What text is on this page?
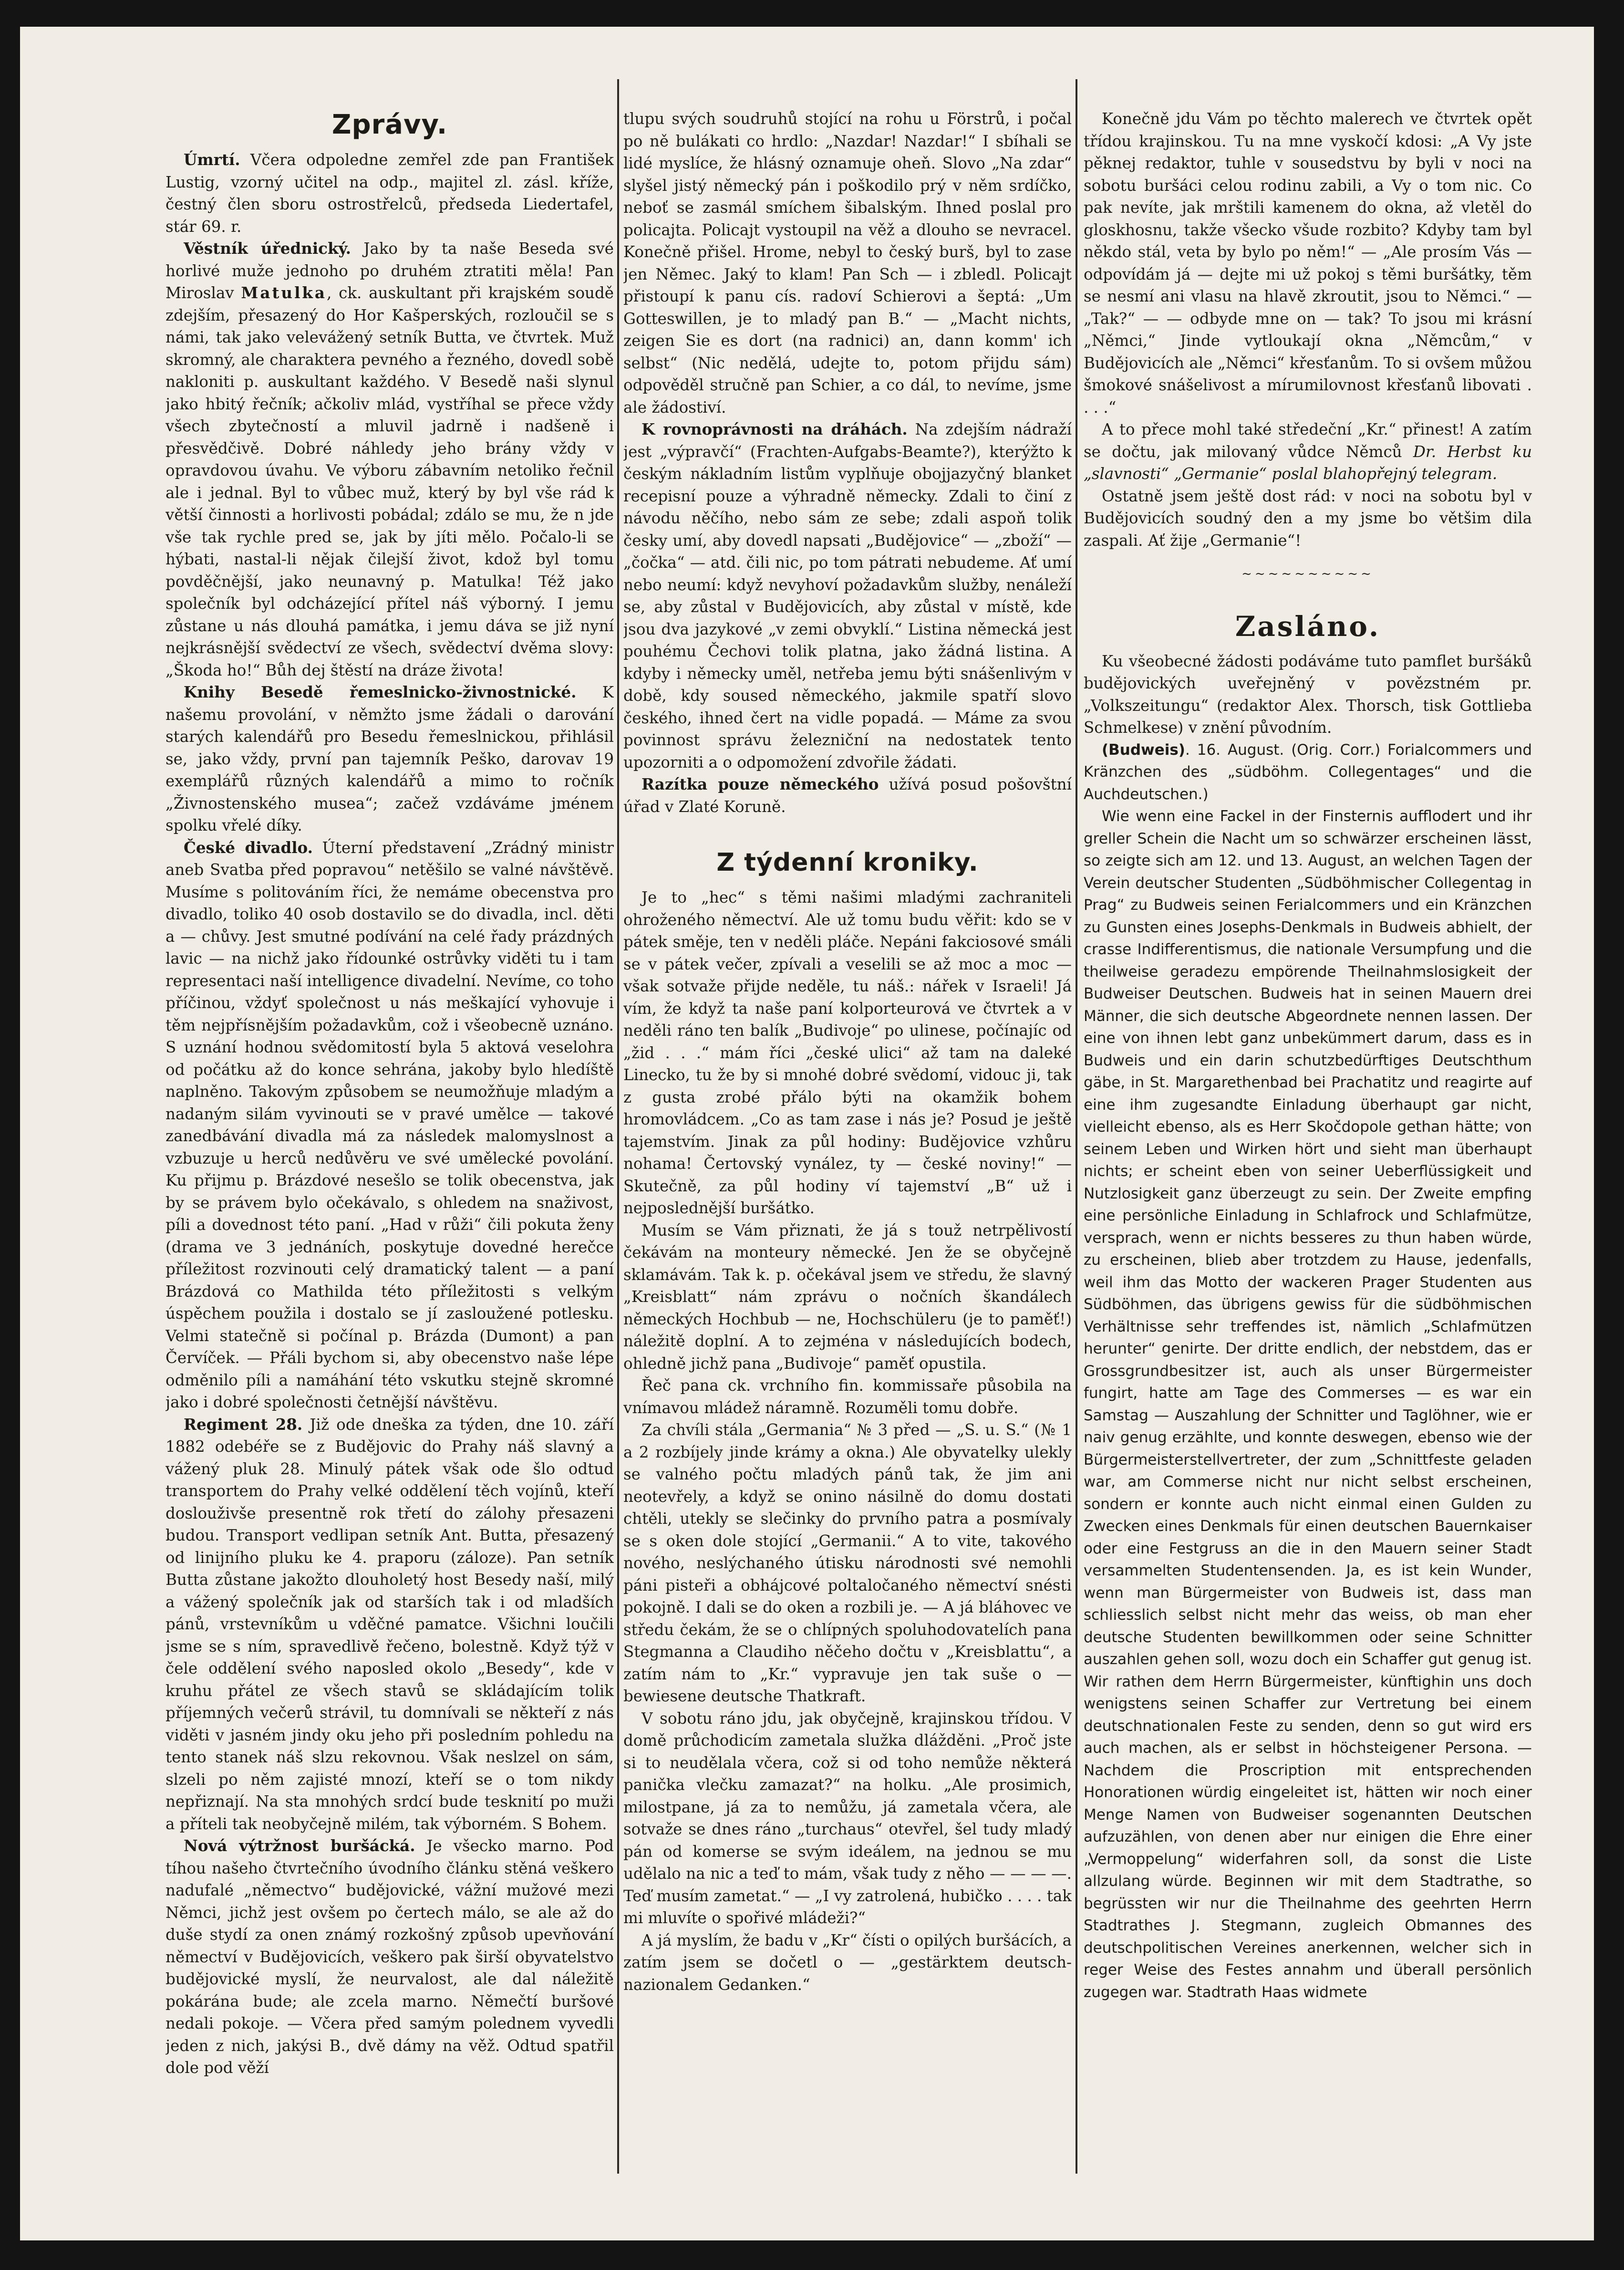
Zprávy.

Úmrtí. Včera odpoledne zemřel zde pan František Lustig, vzorný učitel na odp., majitel zl. zásl. kříže, čestný člen sboru ostrostřelců, předseda Liedertafel, stár 69. r.

Věstník úřednický. Jako by ta naše Beseda své horlivé muže jednoho po druhém ztratiti měla! Pan Miroslav Matulka, ck. auskultant při krajském soudě zdejším, přesazený do Hor Kašperských, rozloučil se s námi, tak jako velevážený setník Butta, ve čtvrtek. Muž skromný, ale charaktera pevného a řezného, dovedl sobě nakloniti p. auskultant každého. V Besedě naši slynul jako hbitý řečník; ačkoliv mlád, vystříhal se přece vždy všech zbytečností a mluvil jadrně i nadšeně i přesvědčivě. Dobré náhledy jeho brány vždy v opravdovou úvahu. Ve výboru zábavním netoliko řečnil ale i jednal. Byl to vůbec muž, který by byl vše rád k větší činnosti a horlivosti pobádal; zdálo se mu, že n jde vše tak rychle pred se, jak by jíti mělo. Počalo-li se hýbati, nastal-li nějak čilejší život, kdož byl tomu povděčnější, jako neunavný p. Matulka! Též jako společník byl odcházející přítel náš výborný. I jemu zůstane u nás dlouhá památka, i jemu dáva se již nyní nejkrásnější svědectví ze všech, svědectví dvěma slovy: „Škoda ho!“ Bůh dej štěstí na dráze života!

Knihy Besedě řemeslnicko-živnostnické. K našemu provolání, v němžto jsme žádali o darování starých kalendářů pro Besedu řemeslnickou, přihlásil se, jako vždy, první pan tajemník Peško, darovav 19 exemplářů různých kalendářů a mimo to ročník „Živnostenského musea“; začež vzdáváme jménem spolku vřelé díky.

České divadlo. Úterní představení „Zrádný ministr aneb Svatba před popravou“ netěšilo se valné návštěvě. Musíme s politováním říci, že nemáme obecenstva pro divadlo, toliko 40 osob dostavilo se do divadla, incl. děti a — chůvy. Jest smutné podívání na celé řady prázdných lavic — na nichž jako řídounké ostrůvky viděti tu i tam representaci naší intelligence divadelní. Nevíme, co toho příčinou, vždyť společnost u nás meškající vyhovuje i těm nejpřísnějším požadavkům, což i všeobecně uznáno. S uznání hodnou svědomitostí byla 5 aktová veselohra od počátku až do konce sehrána, jakoby bylo hledíště naplněno. Takovým způsobem se neumožňuje mladým a nadaným silám vyvinouti se v pravé umělce — takové zanedbávání divadla má za následek malomyslnost a vzbuzuje u herců nedůvěru ve své umělecké povolání. Ku přijmu p. Brázdové nesešlo se tolik obecenstva, jak by se právem bylo očekávalo, s ohledem na snaživost, píli a dovednost této paní. „Had v růži“ čili pokuta ženy (drama ve 3 jednáních, poskytuje dovedné herečce příležitost rozvinouti celý dramatický talent — a paní Brázdová co Mathilda této příležitosti s velkým úspěchem použila i dostalo se jí zasloužené potlesku. Velmi statečně si počínal p. Brázda (Dumont) a pan Červíček. — Přáli bychom si, aby obecenstvo naše lépe odměnilo píli a namáhání této vskutku stejně skromné jako i dobré společnosti četnější návštěvu.

Regiment 28. Již ode dneška za týden, dne 10. září 1882 odebéře se z Budějovic do Prahy náš slavný a vážený pluk 28. Minulý pátek však ode šlo odtud transportem do Prahy velké oddělení těch vojínů, kteří doslouživše presentně rok třetí do zálohy přesazeni budou. Transport vedlipan setník Ant. Butta, přesazený od linijního pluku ke 4. praporu (záloze). Pan setník Butta zůstane jakožto dlouholetý host Besedy naší, milý a vážený společník jak od starších tak i od mladších pánů, vrstevníkům u vděčné pamatce. Všichni loučili jsme se s ním, spravedlivě řečeno, bolestně. Když týž v čele oddělení svého naposled okolo „Besedy“, kde v kruhu přátel ze všech stavů se skládajícím tolik příjemných večerů strávil, tu domnívali se někteří z nás viděti v jasném jindy oku jeho při posledním pohledu na tento stanek náš slzu rekovnou. Však neslzel on sám, slzeli po něm zajisté mnozí, kteří se o tom nikdy nepřiznají. Na sta mnohých srdcí bude tesknití po muži a příteli tak neobyčejně milém, tak výborném. S Bohem.

Nová výtržnost buršácká. Je všecko marno. Pod tíhou našeho čtvrtečního úvodního článku stěná veškero nadufalé „němectvo“ budějovické, vážní mužové mezi Němci, jichž jest ovšem po čertech málo, se ale až do duše stydí za onen známý rozkošný způsob upevňování němectví v Budějovicích, veškero pak širší obyvatelstvo budějovické myslí, že neurvalost, ale dal náležitě pokárána bude; ale zcela marno. Němečtí buršové nedali pokoje. — Včera před samým polednem vyvedli jeden z nich, jakýsi B., dvě dámy na věž. Odtud spatřil dole pod věží

tlupu svých soudruhů stojící na rohu u Förstrů, i počal po ně bulákati co hrdlo: „Nazdar! Nazdar!“ I sbíhali se lidé myslíce, že hlásný oznamuje oheň. Slovo „Na zdar“ slyšel jistý německý pán i poškodilo prý v něm srdíčko, neboť se zasmál smíchem šibalským. Ihned poslal pro policajta. Policajt vystoupil na věž a dlouho se nevracel. Konečně přišel. Hrome, nebyl to český burš, byl to zase jen Němec. Jaký to klam! Pan Sch — i zbledl. Policajt přistoupí k panu cís. radoví Schierovi a šeptá: „Um Gotteswillen, je to mladý pan B.“ — „Macht nichts, zeigen Sie es dort (na radnici) an, dann komm' ich selbst“ (Nic nedělá, udejte to, potom přijdu sám) odpověděl stručně pan Schier, a co dál, to nevíme, jsme ale žádostiví.

K rovnoprávnosti na dráhách. Na zdejším nádraží jest „výpravčí“ (Frachten-Aufgabs-Beamte?), kterýžto k českým nákladním listům vyplňuje obojjazyčný blanket recepisní pouze a výhradně německy. Zdali to činí z návodu něčího, nebo sám ze sebe; zdali aspoň tolik česky umí, aby dovedl napsati „Budějovice“ — „zboží“ — „čočka“ — atd. čili nic, po tom pátrati nebudeme. Ať umí nebo neumí: když nevyhoví požadavkům služby, nenáleží se, aby zůstal v Budějovicích, aby zůstal v místě, kde jsou dva jazykové „v zemi obvyklí.“ Listina německá jest pouhému Čechovi tolik platna, jako žádná listina. A kdyby i německy uměl, netřeba jemu býti snášenlivým v době, kdy soused německého, jakmile spatří slovo českého, ihned čert na vidle popadá. — Máme za svou povinnost správu železniční na nedostatek tento upozorniti a o odpomožení zdvořile žádati.

Razítka pouze německého užívá posud pošovštní úřad v Zlaté Koruně.

Z týdenní kroniky.

Je to „hec“ s těmi našimi mladými zachraniteli ohroženého němectví. Ale už tomu budu věřit: kdo se v pátek směje, ten v neděli pláče. Nepáni fakciosové smáli se v pátek večer, zpívali a veselili se až moc a moc — však sotvaže přijde neděle, tu náš.: nářek v Israeli! Já vím, že když ta naše paní kolporteurová ve čtvrtek a v neděli ráno ten balík „Budivoje“ po ulinese, počínajíc od „žid . . .“ mám říci „české ulici“ až tam na daleké Linecko, tu že by si mnohé dobré svědomí, vidouc ji, tak z gusta zrobé přálo býti na okamžik bohem hromovládcem. „Co as tam zase i nás je? Posud je ještě tajemstvím. Jinak za půl hodiny: Budějovice vzhůru nohama! Čertovský vynález, ty — české noviny!“ — Skutečně, za půl hodiny ví tajemství „B“ už i nejposlednější buršátko.

Musím se Vám přiznati, že já s touž netrpělivostí čekávám na monteury německé. Jen že se obyčejně sklamávám. Tak k. p. očekával jsem ve středu, že slavný „Kreisblatt“ nám zprávu o nočních škandálech německých Hochbub — ne, Hochschüleru (je to paměť!) náležitě doplní. A to zejména v následujících bodech, ohledně jichž pana „Budivoje“ paměť opustila.

Řeč pana ck. vrchního fin. kommissaře působila na vnímavou mládež náramně. Rozuměli tomu dobře.

Za chvíli stála „Germania“ № 3 před — „S. u. S.“ (№ 1 a 2 rozbíjely jinde krámy a okna.) Ale obyvatelky ulekly se valného počtu mladých pánů tak, že jim ani neotevřely, a když se onino násilně do domu dostati chtěli, utekly se slečinky do prvního patra a posmívaly se s oken dole stojící „Germanii.“ A to vite, takového nového, neslýchaného útisku národnosti své nemohli páni pisteři a obhájcové poltaločaného němectví snésti pokojně. I dali se do oken a rozbili je. — A já bláhovec ve středu čekám, že se o chlípných spoluhodovatelích pana Stegmanna a Claudiho něčeho dočtu v „Kreisblattu“, a zatím nám to „Kr.“ vypravuje jen tak suše o — bewiesene deutsche Thatkraft.

V sobotu ráno jdu, jak obyčejně, krajinskou třídou. V domě průchodicím zametala služka dlážděni. „Proč jste si to neudělala včera, což si od toho nemůže některá panička vlečku zamazat?“ na holku. „Ale prosimich, milostpane, já za to nemůžu, já zametala včera, ale sotvaže se dnes ráno „turchaus“ otevřel, šel tudy mladý pán od komerse se svým ideálem, na jednou se mu udělalo na nic a teď to mám, však tudy z něho — — — —. Teď musím zametat.“ — „I vy zatrolená, hubičko . . . . tak mi mluvíte o spořivé mládeži?“

A já myslím, že badu v „Kr“ čísti o opilých buršácích, a zatím jsem se dočetl o — „gestärktem deutsch-nazionalem Gedanken.“

Konečně jdu Vám po těchto malerech ve čtvrtek opět třídou krajinskou. Tu na mne vyskočí kdosi: „A Vy jste pěknej redaktor, tuhle v sousedstvu by byli v noci na sobotu buršáci celou rodinu zabili, a Vy o tom nic. Co pak nevíte, jak mrštili kamenem do okna, až vletěl do gloskhosnu, takže všecko všude rozbito? Kdyby tam byl někdo stál, veta by bylo po něm!“ — „Ale prosím Vás — odpovídám já — dejte mi už pokoj s těmi buršátky, těm se nesmí ani vlasu na hlavě zkroutit, jsou to Němci.“ — „Tak?“ — — odbyde mne on — tak? To jsou mi krásní „Němci,“ Jinde vytloukají okna „Němcům,“ v Budějovicích ale „Němci“ křesťanům. To si ovšem můžou šmokové snášelivost a mírumilovnost křesťanů libovati . . . .“

A to přece mohl také středeční „Kr.“ přinest! A zatím se dočtu, jak milovaný vůdce Němců Dr. Herbst ku „slavnosti“ „Germanie“ poslal blahopřejný telegram.

Ostatně jsem ještě dost rád: v noci na sobotu byl v Budějovicích soudný den a my jsme bo většim dila zaspali. Ať žije „Germanie“!

~~~~~~~~~~
Zasláno.

Ku všeobecné žádosti podáváme tuto pamflet buršáků budějovických uveřejněný v povězstném pr. „Volkszeitungu“ (redaktor Alex. Thorsch, tisk Gottlieba Schmelkese) v znění původním.

(Budweis). 16. August. (Orig. Corr.) Forialcommers und Kränzchen des „südböhm. Collegentages“ und die Auchdeutschen.)

Wie wenn eine Fackel in der Finsternis aufflodert und ihr greller Schein die Nacht um so schwärzer erscheinen lässt, so zeigte sich am 12. und 13. August, an welchen Tagen der Verein deutscher Studenten „Südböhmischer Collegentag in Prag“ zu Budweis seinen Ferialcommers und ein Kränzchen zu Gunsten eines Josephs-Denkmals in Budweis abhielt, der crasse Indifferentismus, die nationale Versumpfung und die theilweise geradezu empörende Theilnahmslosigkeit der Budweiser Deutschen. Budweis hat in seinen Mauern drei Männer, die sich deutsche Abgeordnete nennen lassen. Der eine von ihnen lebt ganz unbekümmert darum, dass es in Budweis und ein darin schutzbedürftiges Deutschthum gäbe, in St. Margarethenbad bei Prachatitz und reagirte auf eine ihm zugesandte Einladung überhaupt gar nicht, vielleicht ebenso, als es Herr Skočdopole gethan hätte; von seinem Leben und Wirken hört und sieht man überhaupt nichts; er scheint eben von seiner Ueberflüssigkeit und Nutzlosigkeit ganz überzeugt zu sein. Der Zweite empfing eine persönliche Einladung in Schlafrock und Schlafmütze, versprach, wenn er nichts besseres zu thun haben würde, zu erscheinen, blieb aber trotzdem zu Hause, jedenfalls, weil ihm das Motto der wackeren Prager Studenten aus Südböhmen, das übrigens gewiss für die südböhmischen Verhältnisse sehr treffendes ist, nämlich „Schlafmützen herunter“ genirte. Der dritte endlich, der nebstdem, das er Grossgrundbesitzer ist, auch als unser Bürgermeister fungirt, hatte am Tage des Commerses — es war ein Samstag — Auszahlung der Schnitter und Taglöhner, wie er naiv genug erzählte, und konnte deswegen, ebenso wie der Bürgermeisterstellvertreter, der zum „Schnittfeste geladen war, am Commerse nicht nur nicht selbst erscheinen, sondern er konnte auch nicht einmal einen Gulden zu Zwecken eines Denkmals für einen deutschen Bauernkaiser oder eine Festgruss an die in den Mauern seiner Stadt versammelten Studentensenden. Ja, es ist kein Wunder, wenn man Bürgermeister von Budweis ist, dass man schliesslich selbst nicht mehr das weiss, ob man eher deutsche Studenten bewillkommen oder seine Schnitter auszahlen gehen soll, wozu doch ein Schaffer gut genug ist. Wir rathen dem Herrn Bürgermeister, künftighin uns doch wenigstens seinen Schaffer zur Vertretung bei einem deutschnationalen Feste zu senden, denn so gut wird ers auch machen, als er selbst in höchsteigener Persona. — Nachdem die Proscription mit entsprechenden Honorationen würdig eingeleitet ist, hätten wir noch einer Menge Namen von Budweiser sogenannten Deutschen aufzuzählen, von denen aber nur einigen die Ehre einer „Vermoppelung“ widerfahren soll, da sonst die Liste allzulang würde. Beginnen wir mit dem Stadtrathe, so begrüssten wir nur die Theilnahme des geehrten Herrn Stadtrathes J. Stegmann, zugleich Obmannes des deutschpolitischen Vereines anerkennen, welcher sich in reger Weise des Festes annahm und überall persönlich zugegen war. Stadtrath Haas widmete
